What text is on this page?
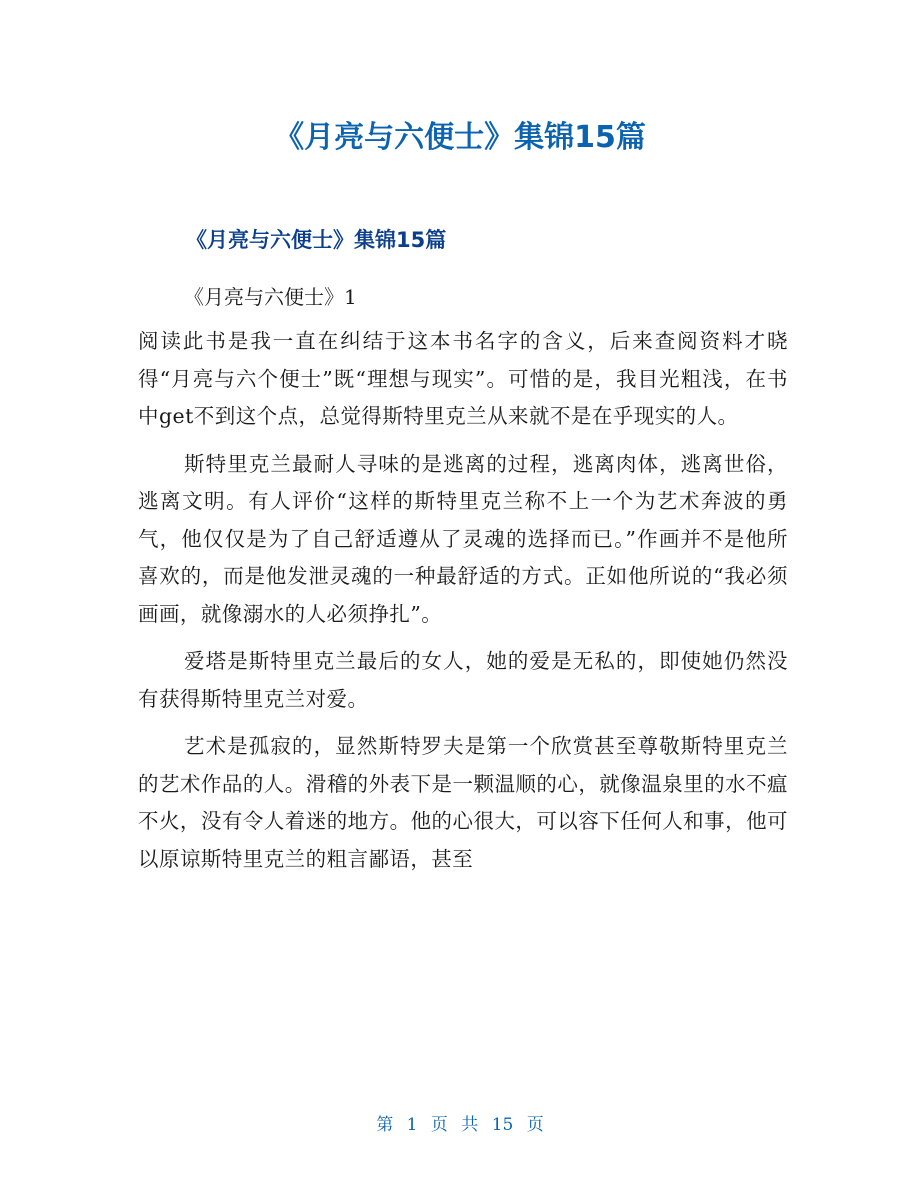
《月亮与六便士》集锦15篇
《月亮与六便士》集锦15篇
《月亮与六便士》1

阅读此书是我一直在纠结于这本书名字的含义，后来查阅资料才晓得“月亮与六个便士”既“理想与现实”。可惜的是，我目光粗浅，在书中get不到这个点，总觉得斯特里克兰从来就不是在乎现实的人。

斯特里克兰最耐人寻味的是逃离的过程，逃离肉体，逃离世俗，逃离文明。有人评价“这样的斯特里克兰称不上一个为艺术奔波的勇气，他仅仅是为了自己舒适遵从了灵魂的选择而已。”作画并不是他所喜欢的，而是他发泄灵魂的一种最舒适的方式。正如他所说的“我必须画画，就像溺水的人必须挣扎”。

爱塔是斯特里克兰最后的女人，她的爱是无私的，即使她仍然没有获得斯特里克兰对爱。

艺术是孤寂的，显然斯特罗夫是第一个欣赏甚至尊敬斯特里克兰的艺术作品的人。滑稽的外表下是一颗温顺的心，就像温泉里的水不瘟不火，没有令人着迷的地方。他的心很大，可以容下任何人和事，他可以原谅斯特里克兰的粗言鄙语，甚至

第 1 页 共 15 页
